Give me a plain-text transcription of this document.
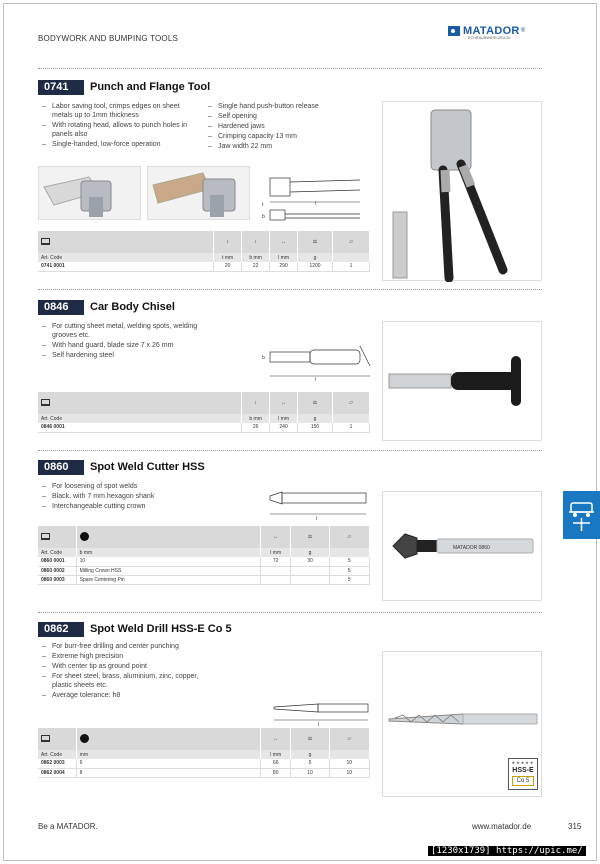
BODYWORK AND BUMPING TOOLS
MATADOR ®
SCHRAUBWERKZEUGE
0741	Punch and Flange Tool
– Labor saving tool, crimps edges on sheet metals up to 1mm thickness
– With rotating head, allows to punch holes in panels also
– Single-handed, low-force operation
– Single hand push-button release
– Self opening
– Hardened jaws
– Crimping capacity 13 mm
– Jaw width 22 mm
l
b
t
	↕	↕	↔	⚖	▱
Art. Code	t mm	b mm	l mm	g	
0741 0001	20	22	290	1200	1
0846	Car Body Chisel
– For cutting sheet metal, welding spots, welding grooves etc.
– With hand guard, blade size 7 x 26 mm
– Self hardening steel
l
b
	↕	↔	⚖	▱
Art. Code	b mm	l mm	g	
0846 0001	26	240	150	1
0860	Spot Weld Cutter HSS
– For loosening of spot welds
– Black, with 7 mm hexagon shank
– Interchangeable cutting crown
l
		↔	⚖	▱
Art. Code	b mm	l mm	g	
0860 0001	10	72	30	5
0860 0002	Milling Crown HSS			5
0860 0003	Spare Centering Pin			5
MATADOR 0860
0862	Spot Weld Drill HSS-E Co 5
– For burr-free drilling and center punching
– Extreme high precision
– With center tip as ground point
– For sheet steel, brass, aluminium, zinc, copper, plastic sheets etc.
– Average tolerance: h8
l
		↔	⚖	▱
Art. Code	mm	l mm	g	
0862 0003	6	66	5	10
0862 0004	8	80	10	10
★★★★★
HSS-E
Co 5
Be a MATADOR.	www.matador.de	315
[1230x1739] https://upic.me/
